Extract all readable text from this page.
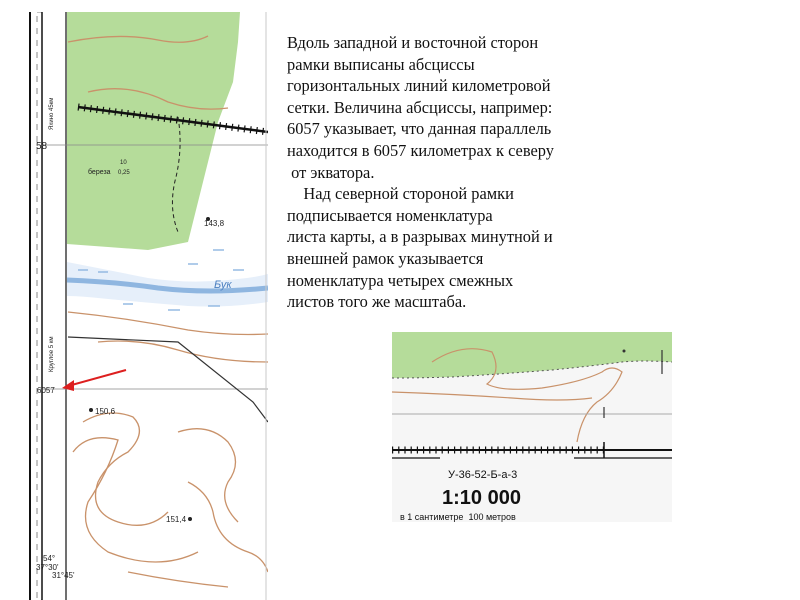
58
6057
143,8
150,6
151,4
береза
10
0,25
Бук
Яхино 45км
Круглое 5 км
54°
37°30'
31°45'
Вдоль западной и восточной сторон
рамки выписаны абсциссы
горизонтальных линий километровой
сетки. Величина абсциссы, например:
6057 указывает, что данная параллель
находится в 6057 километрах к северу
от экватора.
Над северной стороной рамки
подписывается номенклатура
листа карты, а в разрывах минутной и
внешней рамок указывается
номенклатура четырех смежных
листов того же масштаба.
У-36-52-Б-а-3
1:10 000
в 1 сантиметре  100 метров
